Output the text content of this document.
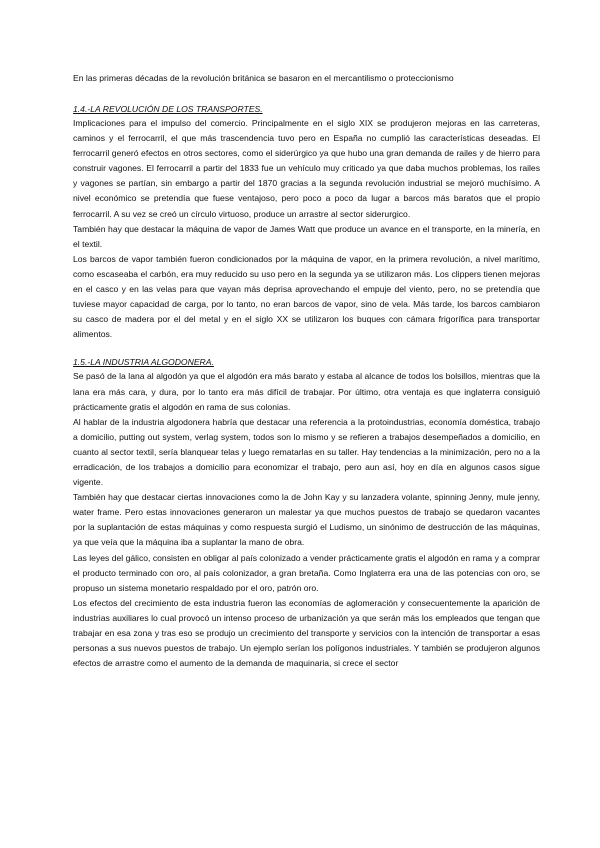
En las primeras décadas de la revolución británica se basaron en el mercantilismo o proteccionismo

1.4.-LA REVOLUCIÓN DE LOS TRANSPORTES.

Implicaciones para el impulso del comercio. Principalmente en el siglo XIX se produjeron mejoras en las carreteras, caminos y el ferrocarril, el que más trascendencia tuvo pero en España no cumplió las características deseadas. El ferrocarril generó efectos en otros sectores, como el siderúrgico ya que hubo una gran demanda de railes y de hierro para construir vagones. El ferrocarril a partir del 1833 fue un vehículo muy criticado ya que daba muchos problemas, los railes y vagones se partían, sin embargo a partir del 1870 gracias a la segunda revolución industrial se mejoró muchísimo. A nivel económico se pretendía que fuese ventajoso, pero poco a poco da lugar a barcos más baratos que el propio ferrocarril. A su vez se creó un círculo virtuoso, produce un arrastre al sector siderurgico.

También hay que destacar la máquina de vapor de James Watt que produce un avance en el transporte, en la minería, en el textil.

Los barcos de vapor también fueron condicionados por la máquina de vapor, en la primera revolución, a nivel marítimo, como escaseaba el carbón, era muy reducido su uso pero en la segunda ya se utilizaron más. Los clippers tienen mejoras en el casco y en las velas para que vayan más deprisa aprovechando el empuje del viento, pero, no se pretendía que tuviese mayor capacidad de carga, por lo tanto, no eran barcos de vapor, sino de vela. Más tarde, los barcos cambiaron su casco de madera por el del metal y en el siglo XX se utilizaron los buques con cámara frigorífica para transportar alimentos.

1.5.-LA INDUSTRIA ALGODONERA.

Se pasó de la lana al algodón ya que el algodón era más barato y estaba al alcance de todos los bolsillos, mientras que la lana era más cara, y dura, por lo tanto era más difícil de trabajar. Por último, otra ventaja es que inglaterra consiguió prácticamente gratis el algodón en rama de sus colonias.

Al hablar de la industria algodonera habría que destacar una referencia a la protoindustrias, economía doméstica, trabajo a domicilio, putting out system, verlag system, todos son lo mismo y se refieren a trabajos desempeñados a domicilio, en cuanto al sector textil, sería blanquear telas y luego rematarlas en su taller. Hay tendencias a la minimización, pero no a la erradicación, de los trabajos a domicilio para economizar el trabajo, pero aun así, hoy en día en algunos casos sigue vigente.

También hay que destacar ciertas innovaciones como la de John Kay y su lanzadera volante, spinning Jenny, mule jenny, water frame. Pero estas innovaciones generaron un malestar ya que muchos puestos de trabajo se quedaron vacantes por la suplantación de estas máquinas y como respuesta surgió el Ludismo, un sinónimo de destrucción de las máquinas, ya que veía que la máquina iba a suplantar la mano de obra.

Las leyes del gálico, consisten en obligar al país colonizado a vender prácticamente gratis el algodón en rama y a comprar el producto terminado con oro, al país colonizador, a gran bretaña. Como Inglaterra era una de las potencias con oro, se propuso un sistema monetario respaldado por el oro, patrón oro.

Los efectos del crecimiento de esta industria fueron las economías de aglomeración y consecuentemente la aparición de industrias auxiliares lo cual provocó un intenso proceso de urbanización ya que serán más los empleados que tengan que trabajar en esa zona y tras eso se produjo un crecimiento del transporte y servicios con la intención de transportar a esas personas a sus nuevos puestos de trabajo. Un ejemplo serían los polígonos industriales. Y también se produjeron algunos efectos de arrastre como el aumento de la demanda de maquinaria, si crece el sector
